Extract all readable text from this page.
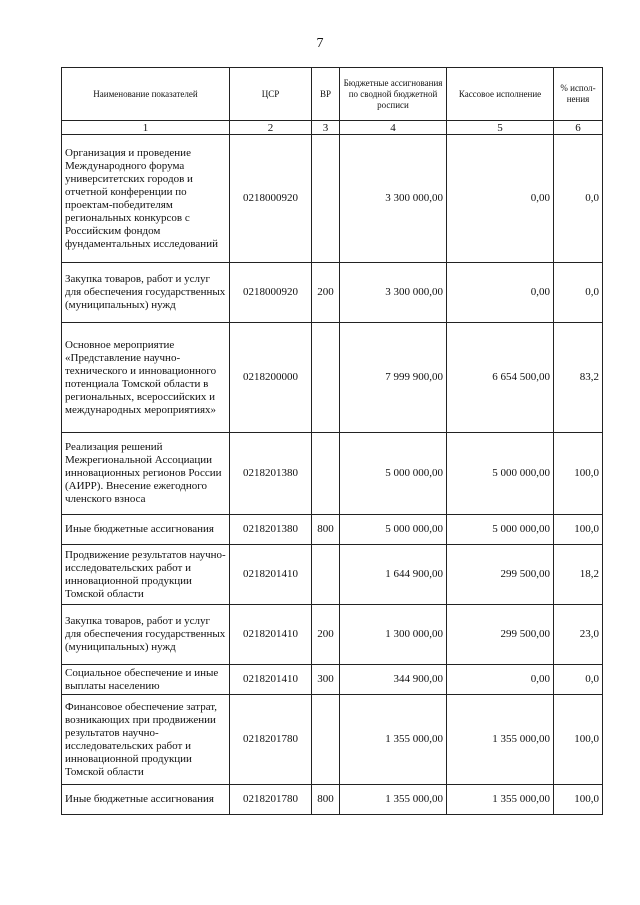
7
Наименование показателей	ЦСР	ВР	Бюджетные ассигнования по сводной бюджетной росписи	Кассовое исполнение	% испол-нения
1	2	3	4	5	6
Организация и проведение Международного форума университетских городов и отчетной конференции по проектам-победителям региональных конкурсов с Российским фондом фундаментальных исследований	0218000920		3 300 000,00	0,00	0,0
Закупка товаров, работ и услуг для обеспечения государственных (муниципальных) нужд	0218000920	200	3 300 000,00	0,00	0,0
Основное мероприятие «Представление научно-технического и инновационного потенциала Томской области в региональных, всероссийских и международных мероприятиях»	0218200000		7 999 900,00	6 654 500,00	83,2
Реализация решений Межрегиональной Ассоциации инновационных регионов России (АИРР). Внесение ежегодного членского взноса	0218201380		5 000 000,00	5 000 000,00	100,0
Иные бюджетные ассигнования	0218201380	800	5 000 000,00	5 000 000,00	100,0
Продвижение результатов научно-исследовательских работ и инновационной продукции Томской области	0218201410		1 644 900,00	299 500,00	18,2
Закупка товаров, работ и услуг для обеспечения государственных (муниципальных) нужд	0218201410	200	1 300 000,00	299 500,00	23,0
Социальное обеспечение и иные выплаты населению	0218201410	300	344 900,00	0,00	0,0
Финансовое обеспечение затрат, возникающих при продвижении результатов научно-исследовательских работ и инновационной продукции Томской области	0218201780		1 355 000,00	1 355 000,00	100,0
Иные бюджетные ассигнования	0218201780	800	1 355 000,00	1 355 000,00	100,0
